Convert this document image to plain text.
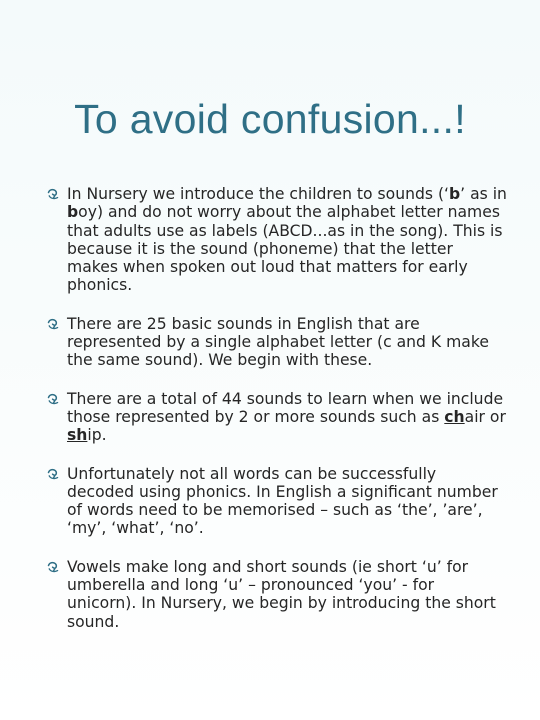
To avoid confusion...!
In Nursery we introduce the children to sounds (‘b’ as in boy) and do not worry about the alphabet letter names that adults use as labels (ABCD...as in the song). This is because it is the sound (phoneme) that the letter makes when spoken out loud that matters for early phonics.
There are 25 basic sounds in English that are represented by a single alphabet letter (c and K make the same sound). We begin with these.
There are a total of 44 sounds to learn when we include those represented by 2 or more sounds such as chair or ship.
Unfortunately not all words can be successfully decoded using phonics. In English a significant number of words need to be memorised – such as ‘the’, ’are’, ‘my’, ‘what’, ‘no’.
Vowels make long and short sounds (ie short ‘u’ for umberella and long ‘u’ – pronounced ‘you’ - for unicorn). In Nursery, we begin by introducing the short sound.
